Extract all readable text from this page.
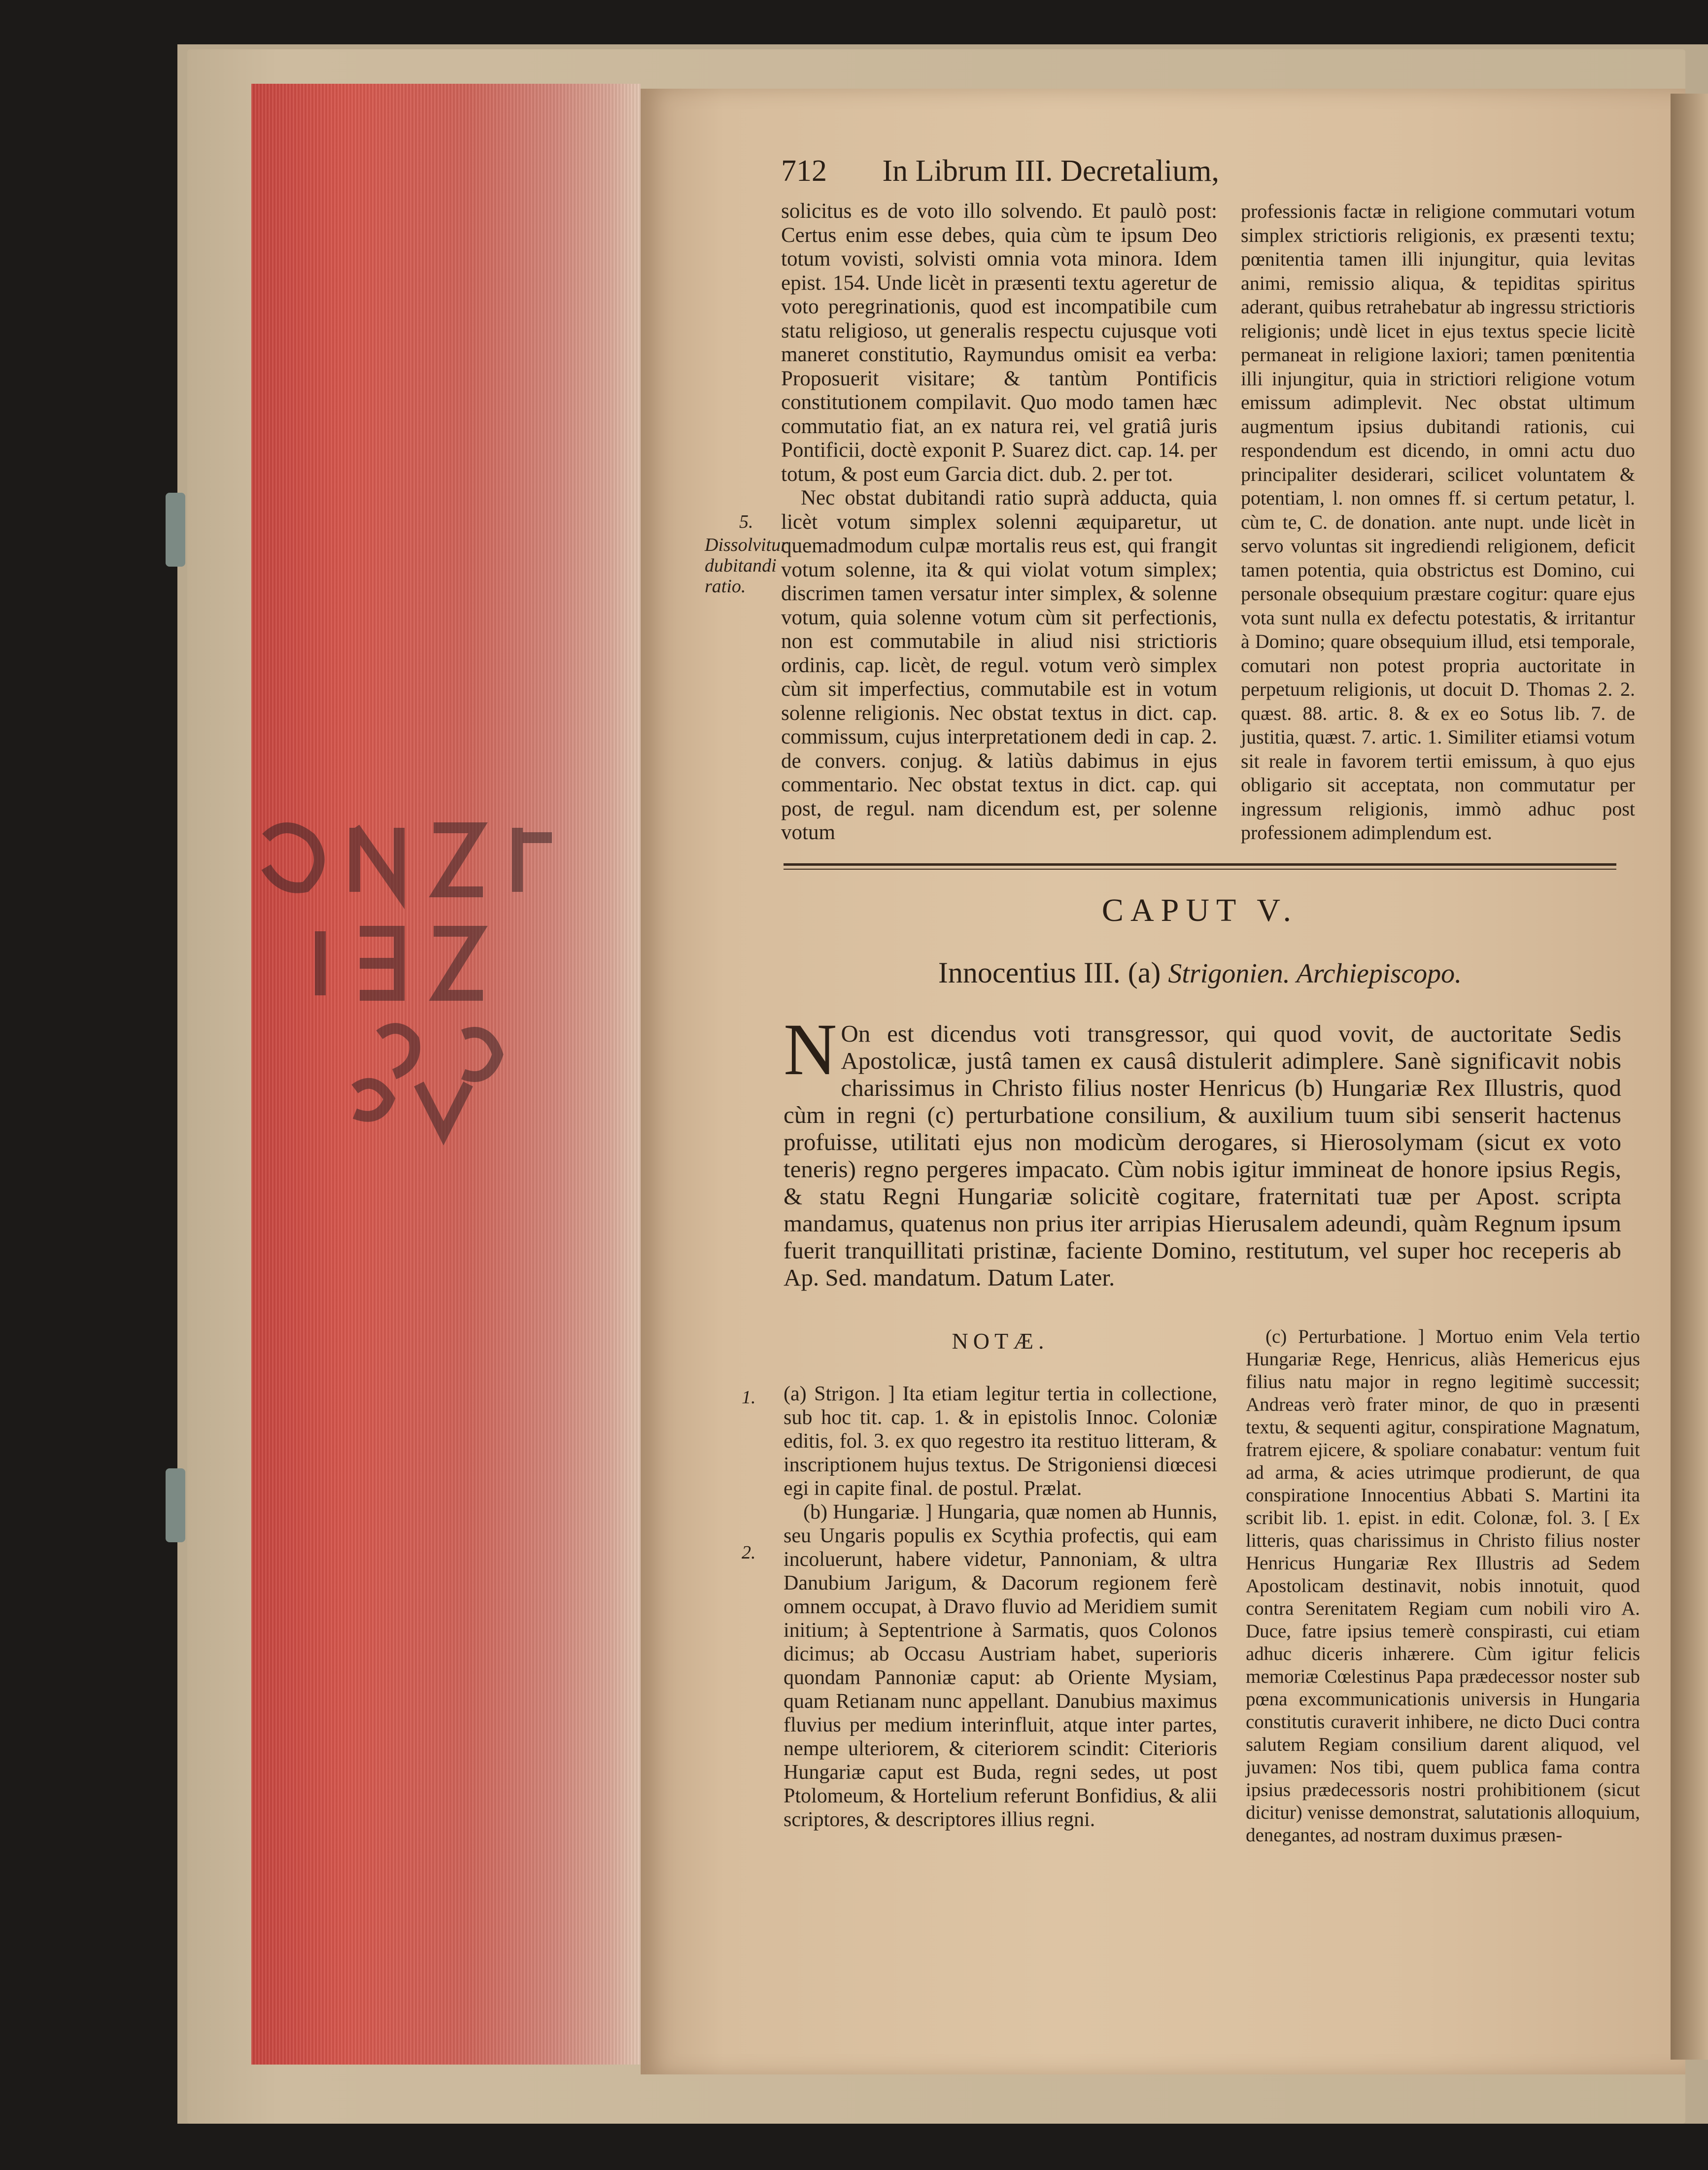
712 In Librum III. Decretalium,

solicitus es de voto illo solvendo. Et paulò post: Certus enim esse debes, quia cùm te ipsum Deo totum vovisti, solvisti omnia vota minora. Idem epist. 154. Unde licèt in præsenti textu ageretur de voto peregrinationis, quod est incompatibile cum statu religioso, ut generalis respectu cujusque voti maneret constitutio, Raymundus omisit ea verba: Proposuerit visitare; & tantùm Pontificis constitutionem compilavit. Quo modo tamen hæc commutatio fiat, an ex natura rei, vel gratiâ juris Pontificii, doctè exponit P. Suarez dict. cap. 14. per totum, & post eum Garcia dict. dub. 2. per tot.

Nec obstat dubitandi ratio suprà adducta, quia licèt votum simplex solenni æquiparetur, ut quemadmodum culpæ mortalis reus est, qui frangit votum solenne, ita & qui violat votum simplex; discrimen tamen versatur inter simplex, & solenne votum, quia solenne votum cùm sit perfectionis, non est commutabile in aliud nisi strictioris ordinis, cap. licèt, de regul. votum verò simplex cùm sit imperfectius, commutabile est in votum solenne religionis. Nec obstat textus in dict. cap. commissum, cujus interpretationem dedi in cap. 2. de convers. conjug. & latiùs dabimus in ejus commentario. Nec obstat textus in dict. cap. qui post, de regul. nam dicendum est, per solenne votum

5.
Dissolvitur dubitandi ratio.

professionis factæ in religione commutari votum simplex strictioris religionis, ex præsenti textu; pœnitentia tamen illi injungitur, quia levitas animi, remissio aliqua, & tepiditas spiritus aderant, quibus retrahebatur ab ingressu strictioris religionis; undè licet in ejus textus specie licitè permaneat in religione laxiori; tamen pœnitentia illi injungitur, quia in strictiori religione votum emissum adimplevit. Nec obstat ultimum augmentum ipsius dubitandi rationis, cui respondendum est dicendo, in omni actu duo principaliter desiderari, scilicet voluntatem & potentiam, l. non omnes ff. si certum petatur, l. cùm te, C. de donation. ante nupt. unde licèt in servo voluntas sit ingrediendi religionem, deficit tamen potentia, quia obstrictus est Domino, cui personale obsequium præstare cogitur: quare ejus vota sunt nulla ex defectu potestatis, & irritantur à Domino; quare obsequium illud, etsi temporale, comutari non potest propria auctoritate in perpetuum religionis, ut docuit D. Thomas 2. 2. quæst. 88. artic. 8. & ex eo Sotus lib. 7. de justitia, quæst. 7. artic. 1. Similiter etiamsi votum sit reale in favorem tertii emissum, à quo ejus obligario sit acceptata, non commutatur per ingressum religionis, immò adhuc post professionem adimplendum est.

CAPUT V.
Innocentius III. (a) Strigonien. Archiepiscopo.
N On est dicendus voti transgressor, qui quod vovit, de auctoritate Sedis Apostolicæ, justâ tamen ex causâ distulerit adimplere. Sanè significavit nobis charissimus in Christo filius noster Henricus (b) Hungariæ Rex Illustris, quod cùm in regni (c) perturbatione consilium, & auxilium tuum sibi senserit hactenus profuisse, utilitati ejus non modicùm derogares, si Hierosolymam (sicut ex voto teneris) regno pergeres impacato. Cùm nobis igitur immineat de honore ipsius Regis, & statu Regni Hungariæ solicitè cogitare, fraternitati tuæ per Apost. scripta mandamus, quatenus non prius iter arripias Hierusalem adeundi, quàm Regnum ipsum fuerit tranquillitati pristinæ, faciente Domino, restitutum, vel super hoc receperis ab Ap. Sed. mandatum. Datum Later.
NOTÆ.
1.
2.

(a) Strigon. ] Ita etiam legitur tertia in collectione, sub hoc tit. cap. 1. & in epistolis Innoc. Coloniæ editis, fol. 3. ex quo regestro ita restituo litteram, & inscriptionem hujus textus. De Strigoniensi diœcesi egi in capite final. de postul. Prælat.

(b) Hungariæ. ] Hungaria, quæ nomen ab Hunnis, seu Ungaris populis ex Scythia profectis, qui eam incoluerunt, habere videtur, Pannoniam, & ultra Danubium Jarigum, & Dacorum regionem ferè omnem occupat, à Dravo fluvio ad Meridiem sumit initium; à Septentrione à Sarmatis, quos Colonos dicimus; ab Occasu Austriam habet, superioris quondam Pannoniæ caput: ab Oriente Mysiam, quam Retianam nunc appellant. Danubius maximus fluvius per medium interinfluit, atque inter partes, nempe ulteriorem, & citeriorem scindit: Citerioris Hungariæ caput est Buda, regni sedes, ut post Ptolomeum, & Hortelium referunt Bonfidius, & alii scriptores, & descriptores illius regni.

(c) Perturbatione. ] Mortuo enim Vela tertio Hungariæ Rege, Henricus, aliàs Hemericus ejus filius natu major in regno legitimè successit; Andreas verò frater minor, de quo in præsenti textu, & sequenti agitur, conspiratione Magnatum, fratrem ejicere, & spoliare conabatur: ventum fuit ad arma, & acies utrimque prodierunt, de qua conspiratione Innocentius Abbati S. Martini ita scribit lib. 1. epist. in edit. Colonæ, fol. 3. [ Ex litteris, quas charissimus in Christo filius noster Henricus Hungariæ Rex Illustris ad Sedem Apostolicam destinavit, nobis innotuit, quod contra Serenitatem Regiam cum nobili viro A. Duce, fatre ipsius temerè conspirasti, cui etiam adhuc diceris inhærere. Cùm igitur felicis memoriæ Cœlestinus Papa prædecessor noster sub pœna excommunicationis universis in Hungaria constitutis curaverit inhibere, ne dicto Duci contra salutem Regiam consilium darent aliquod, vel juvamen: Nos tibi, quem publica fama contra ipsius prædecessoris nostri prohibitionem (sicut dicitur) venisse demonstrat, salutationis alloquium, denegantes, ad nostram duximus præsen-
